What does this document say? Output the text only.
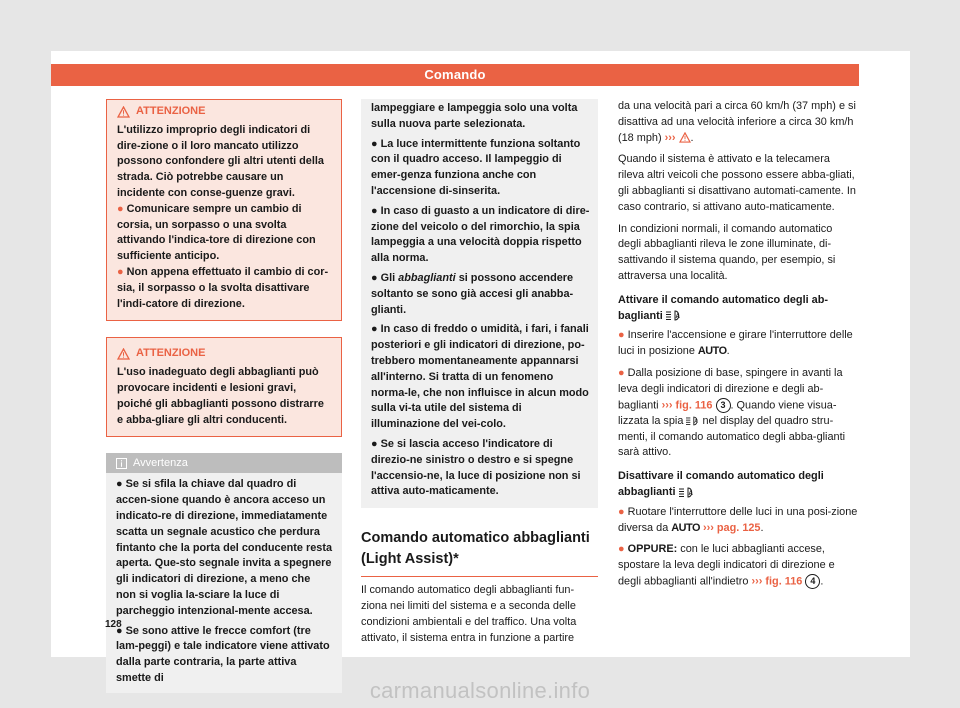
Comando
ATTENZIONE

L'utilizzo improprio degli indicatori di dire-zione o il loro mancato utilizzo possono confondere gli altri utenti della strada. Ciò potrebbe causare un incidente con conse-guenze gravi.

● Comunicare sempre un cambio di corsia, un sorpasso o una svolta attivando l'indica-tore di direzione con sufficiente anticipo.

● Non appena effettuato il cambio di cor-sia, il sorpasso o la svolta disattivare l'indi-catore di direzione.

ATTENZIONE

L'uso inadeguato degli abbaglianti può provocare incidenti e lesioni gravi, poiché gli abbaglianti possono distrarre e abba-gliare gli altri conducenti.

Avvertenza

● Se si sfila la chiave dal quadro di accen-sione quando è ancora acceso un indicato-re di direzione, immediatamente scatta un segnale acustico che perdura fintanto che la porta del conducente resta aperta. Que-sto segnale invita a spegnere gli indicatori di direzione, a meno che non si voglia la-sciare la luce di parcheggio intenzional-mente accesa.

● Se sono attive le frecce comfort (tre lam-peggi) e tale indicatore viene attivato dalla parte contraria, la parte attiva smette di

lampeggiare e lampeggia solo una volta sulla nuova parte selezionata.

● La luce intermittente funziona soltanto con il quadro acceso. Il lampeggio di emer-genza funziona anche con l'accensione di-sinserita.

● In caso di guasto a un indicatore di dire-zione del veicolo o del rimorchio, la spia lampeggia a una velocità doppia rispetto alla norma.

● Gli abbaglianti si possono accendere soltanto se sono già accesi gli anabba-glianti.

● In caso di freddo o umidità, i fari, i fanali posteriori e gli indicatori di direzione, po-trebbero momentaneamente appannarsi all'interno. Si tratta di un fenomeno norma-le, che non influisce in alcun modo sulla vi-ta utile del sistema di illuminazione del vei-colo.

● Se si lascia acceso l'indicatore di direzio-ne sinistro o destro e si spegne l'accensio-ne, la luce di posizione non si attiva auto-maticamente.

Comando automatico abbaglianti (Light Assist)*

Il comando automatico degli abbaglianti fun-ziona nei limiti del sistema e a seconda delle condizioni ambientali e del traffico. Una volta attivato, il sistema entra in funzione a partire

da una velocità pari a circa 60 km/h (37 mph) e si disattiva ad una velocità inferiore a circa 30 km/h (18 mph) ››› .

Quando il sistema è attivato e la telecamera rileva altri veicoli che possono essere abba-gliati, gli abbaglianti si disattivano automati-camente. In caso contrario, si attivano auto-maticamente.

In condizioni normali, il comando automatico degli abbaglianti rileva le zone illuminate, di-sattivando il sistema quando, per esempio, si attraversa una località.

Attivare il comando automatico degli ab-baglianti A

● Inserire l'accensione e girare l'interruttore delle luci in posizione AUTO.

● Dalla posizione di base, spingere in avanti la leva degli indicatori di direzione e degli ab-baglianti ››› fig. 116 3 . Quando viene visua-lizzata la spia A nel display del quadro stru-menti, il comando automatico degli abba-glianti sarà attivo.

Disattivare il comando automatico degli abbaglianti A

● Ruotare l'interruttore delle luci in una posi-zione diversa da AUTO ››› pag. 125.

● OPPURE: con le luci abbaglianti accese, spostare la leva degli indicatori di direzione e degli abbaglianti all'indietro ››› fig. 116 4 .

128
carmanualsonline.info
